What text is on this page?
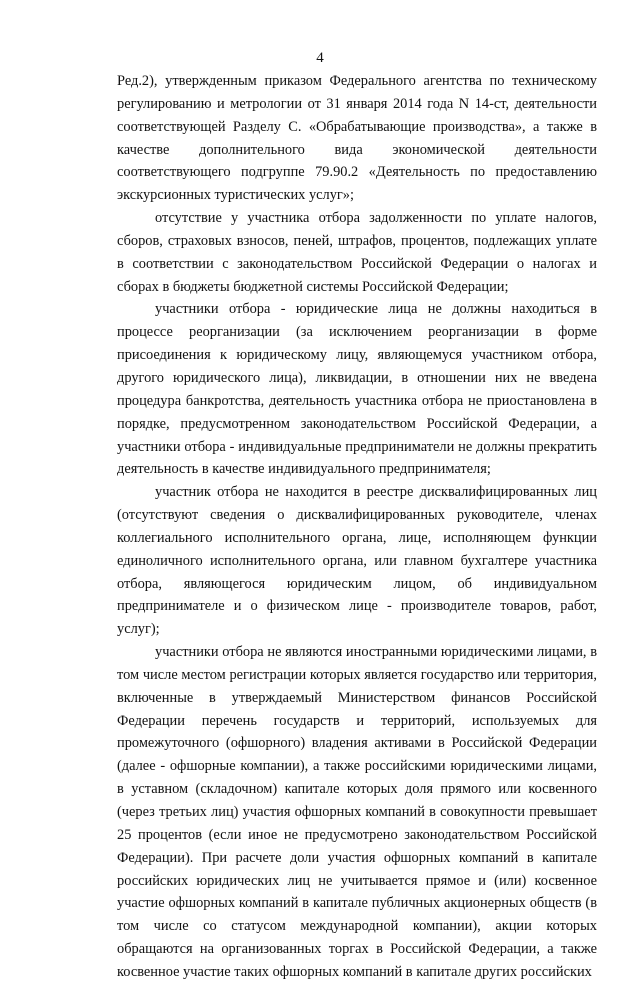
4

Ред.2), утвержденным приказом Федерального агентства по техническому регулированию и метрологии от 31 января 2014 года N 14-ст, деятельности соответствующей Разделу С. «Обрабатывающие производства», а также в качестве дополнительного вида экономической деятельности соответствующего подгруппе 79.90.2 «Деятельность по предоставлению экскурсионных туристических услуг»;

отсутствие у участника отбора задолженности по уплате налогов, сборов, страховых взносов, пеней, штрафов, процентов, подлежащих уплате в соответствии с законодательством Российской Федерации о налогах и сборах в бюджеты бюджетной системы Российской Федерации;

участники отбора - юридические лица не должны находиться в процессе реорганизации (за исключением реорганизации в форме присоединения к юридическому лицу, являющемуся участником отбора, другого юридического лица), ликвидации, в отношении них не введена процедура банкротства, деятельность участника отбора не приостановлена в порядке, предусмотренном законодательством Российской Федерации, а участники отбора - индивидуальные предприниматели не должны прекратить деятельность в качестве индивидуального предпринимателя;

участник отбора не находится в реестре дисквалифицированных лиц (отсутствуют сведения о дисквалифицированных руководителе, членах коллегиального исполнительного органа, лице, исполняющем функции единоличного исполнительного органа, или главном бухгалтере участника отбора, являющегося юридическим лицом, об индивидуальном предпринимателе и о физическом лице - производителе товаров, работ, услуг);

участники отбора не являются иностранными юридическими лицами, в том числе местом регистрации которых является государство или территория, включенные в утверждаемый Министерством финансов Российской Федерации перечень государств и территорий, используемых для промежуточного (офшорного) владения активами в Российской Федерации (далее - офшорные компании), а также российскими юридическими лицами, в уставном (складочном) капитале которых доля прямого или косвенного (через третьих лиц) участия офшорных компаний в совокупности превышает 25 процентов (если иное не предусмотрено законодательством Российской Федерации). При расчете доли участия офшорных компаний в капитале российских юридических лиц не учитывается прямое и (или) косвенное участие офшорных компаний в капитале публичных акционерных обществ (в том числе со статусом международной компании), акции которых обращаются на организованных торгах в Российской Федерации, а также косвенное участие таких офшорных компаний в капитале других российских
